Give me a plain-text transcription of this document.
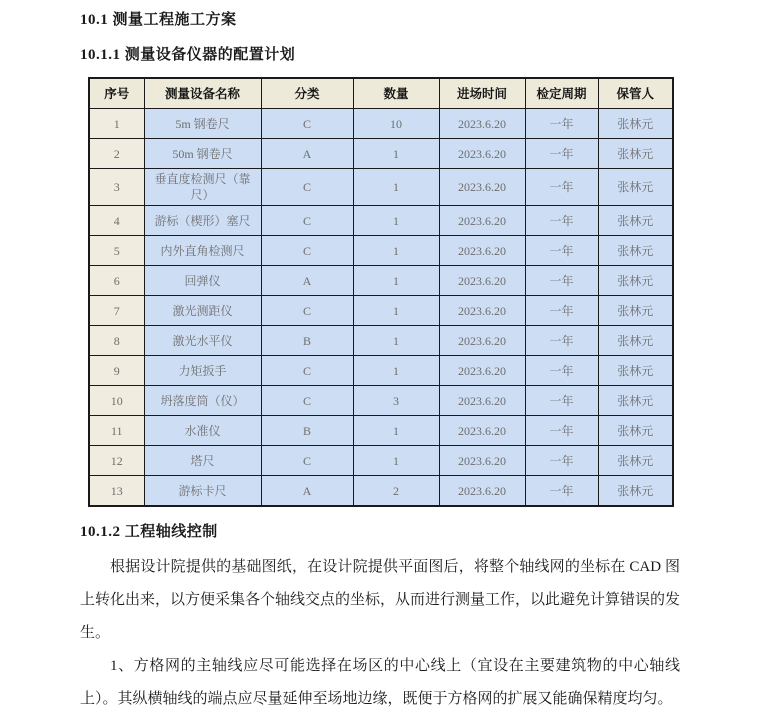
10.1 测量工程施工方案
10.1.1 测量设备仪器的配置计划
序号	测量设备名称	分类	数量	进场时间	检定周期	保管人
1	5m 钢卷尺	C	10	2023.6.20	一年	张林元
2	50m 钢卷尺	A	1	2023.6.20	一年	张林元
3	垂直度检测尺（靠尺）	C	1	2023.6.20	一年	张林元
4	游标（楔形）塞尺	C	1	2023.6.20	一年	张林元
5	内外直角检测尺	C	1	2023.6.20	一年	张林元
6	回弹仪	A	1	2023.6.20	一年	张林元
7	激光测距仪	C	1	2023.6.20	一年	张林元
8	激光水平仪	B	1	2023.6.20	一年	张林元
9	力矩扳手	C	1	2023.6.20	一年	张林元
10	坍落度筒（仪）	C	3	2023.6.20	一年	张林元
11	水准仪	B	1	2023.6.20	一年	张林元
12	塔尺	C	1	2023.6.20	一年	张林元
13	游标卡尺	A	2	2023.6.20	一年	张林元
10.1.2 工程轴线控制

根据设计院提供的基础图纸，在设计院提供平面图后，将整个轴线网的坐标在 CAD 图上转化出来，以方便采集各个轴线交点的坐标，从而进行测量工作，以此避免计算错误的发生。

1、方格网的主轴线应尽可能选择在场区的中心线上（宜设在主要建筑物的中心轴线上）。其纵横轴线的端点应尽量延伸至场地边缘，既便于方格网的扩展又能确保精度均匀。
